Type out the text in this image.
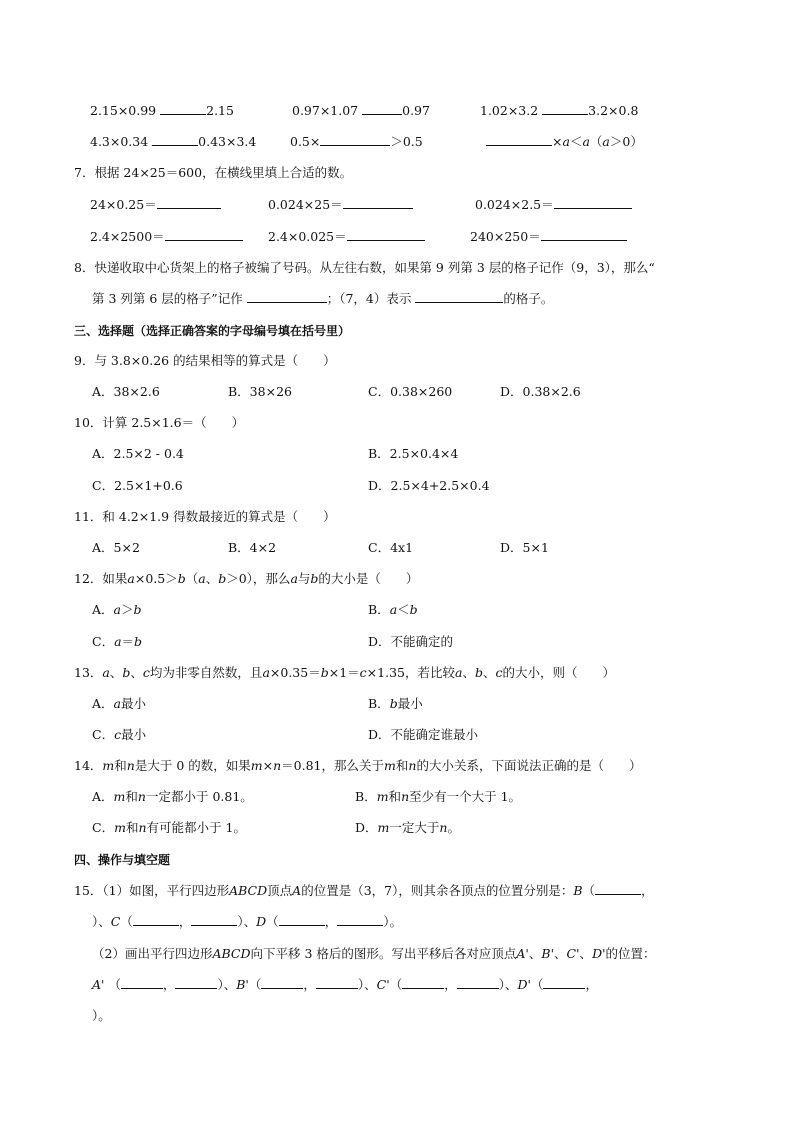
2.15×0.99	2.15	0.97×1.07	0.97	1.02×3.2	3.2×0.8
4.3×0.34	0.43×3.4	0.5×	＞0.5	×a＜a（a＞0）
7．根据 24×25＝600，在横线里填上合适的数。
24×0.25＝	0.024×25＝	0.024×2.5＝
2.4×2500＝	2.4×0.025＝	240×250＝
8．快递收取中心货架上的格子被编了号码。从左往右数，如果第 9 列第 3 层的格子记作（9，3），那么“
第 3 列第 6 层的格子”记作	；（7，4）表示	的格子。
三、选择题（选择正确答案的字母编号填在括号里）
9．与 3.8×0.26 的结果相等的算式是（　　）
A．38×2.6	B．38×26	C．0.38×260	D．0.38×2.6
10．计算 2.5×1.6＝（　　）
A．2.5×2 - 0.4	B．2.5×0.4×4
C．2.5×1+0.6	D．2.5×4+2.5×0.4
11．和 4.2×1.9 得数最接近的算式是（　　）
A．5×2	B．4×2	C．4x1	D．5×1
12．如果a×0.5＞b（a、b＞0），那么a与b的大小是（　　）
A．a＞b	B．a＜b
C．a＝b	D．不能确定的
13．a、b、c均为非零自然数，且a×0.35＝b×1＝c×1.35，若比较a、b、c的大小，则（　　）
A．a最小	B．b最小
C．c最小	D．不能确定谁最小
14．m和n是大于 0 的数，如果m×n＝0.81，那么关于m和n的大小关系，下面说法正确的是（　　）
A．m和n一定都小于 0.81。	B．m和n至少有一个大于 1。
C．m和n有可能都小于 1。	D．m一定大于n。
四、操作与填空题
15．（1）如图，平行四边形ABCD顶点A的位置是（3，7），则其余各顶点的位置分别是：B（	，
）、C（	，	）、D（	，	）。
（2）画出平行四边形ABCD向下平移 3 格后的图形。写出平移后各对应顶点A'、B'、C'、D'的位置：
A' （	，	）、B'（	，	）、C'（	，	）、D'（	，
）。
